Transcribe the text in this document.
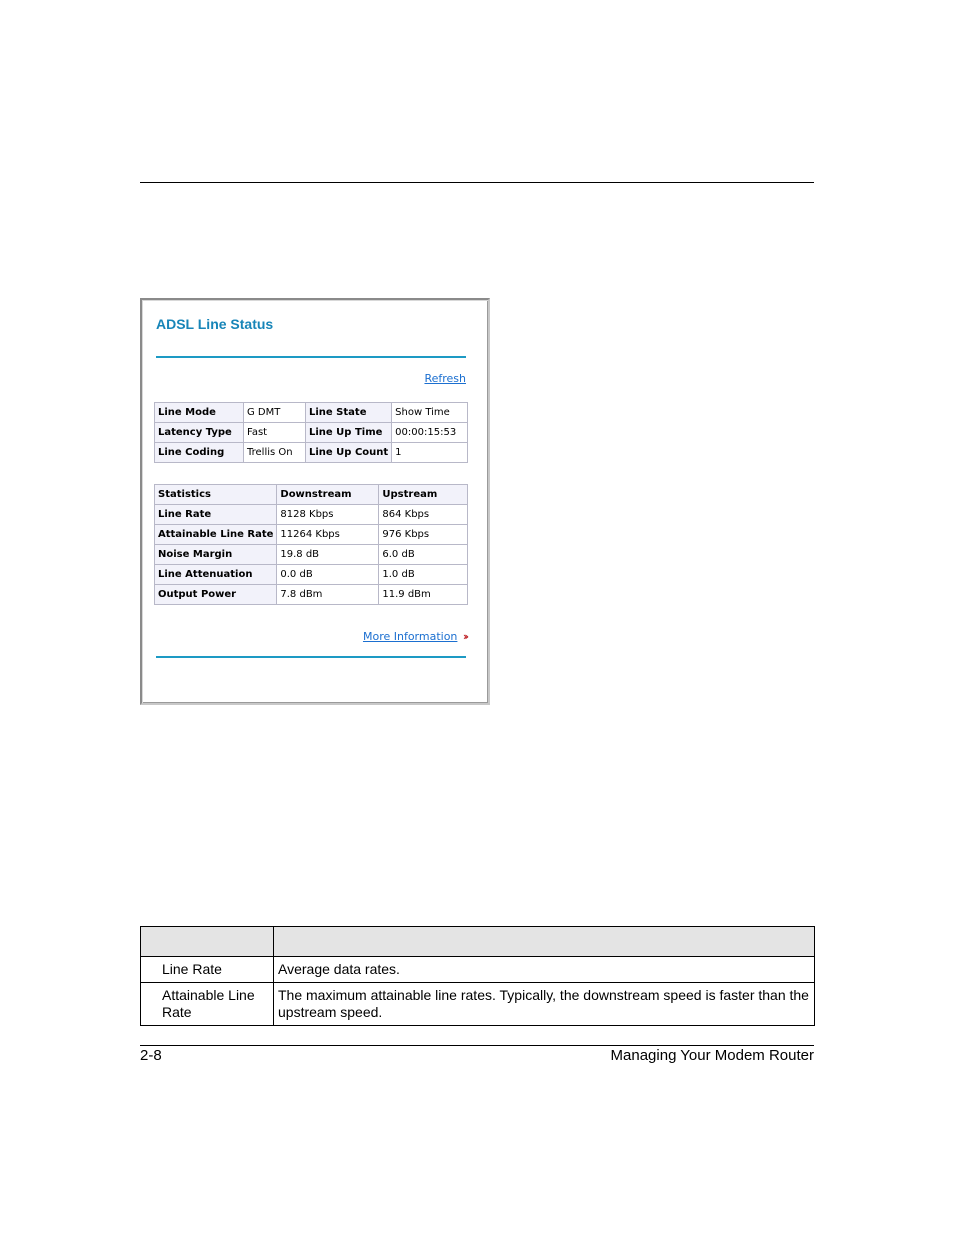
ADSL Line Status
Refresh
Line Mode	G DMT	Line State	Show Time
Latency Type	Fast	Line Up Time	00:00:15:53
Line Coding	Trellis On	Line Up Count	1
Statistics	Downstream	Upstream
Line Rate	8128 Kbps	864 Kbps
Attainable Line Rate	11264 Kbps	976 Kbps
Noise Margin	19.8 dB	6.0 dB
Line Attenuation	0.0 dB	1.0 dB
Output Power	7.8 dBm	11.9 dBm
More Information ››

Line Rate	Average data rates.
Attainable Line Rate	The maximum attainable line rates. Typically, the downstream speed is faster than the upstream speed.
2-8	Managing Your Modem Router
